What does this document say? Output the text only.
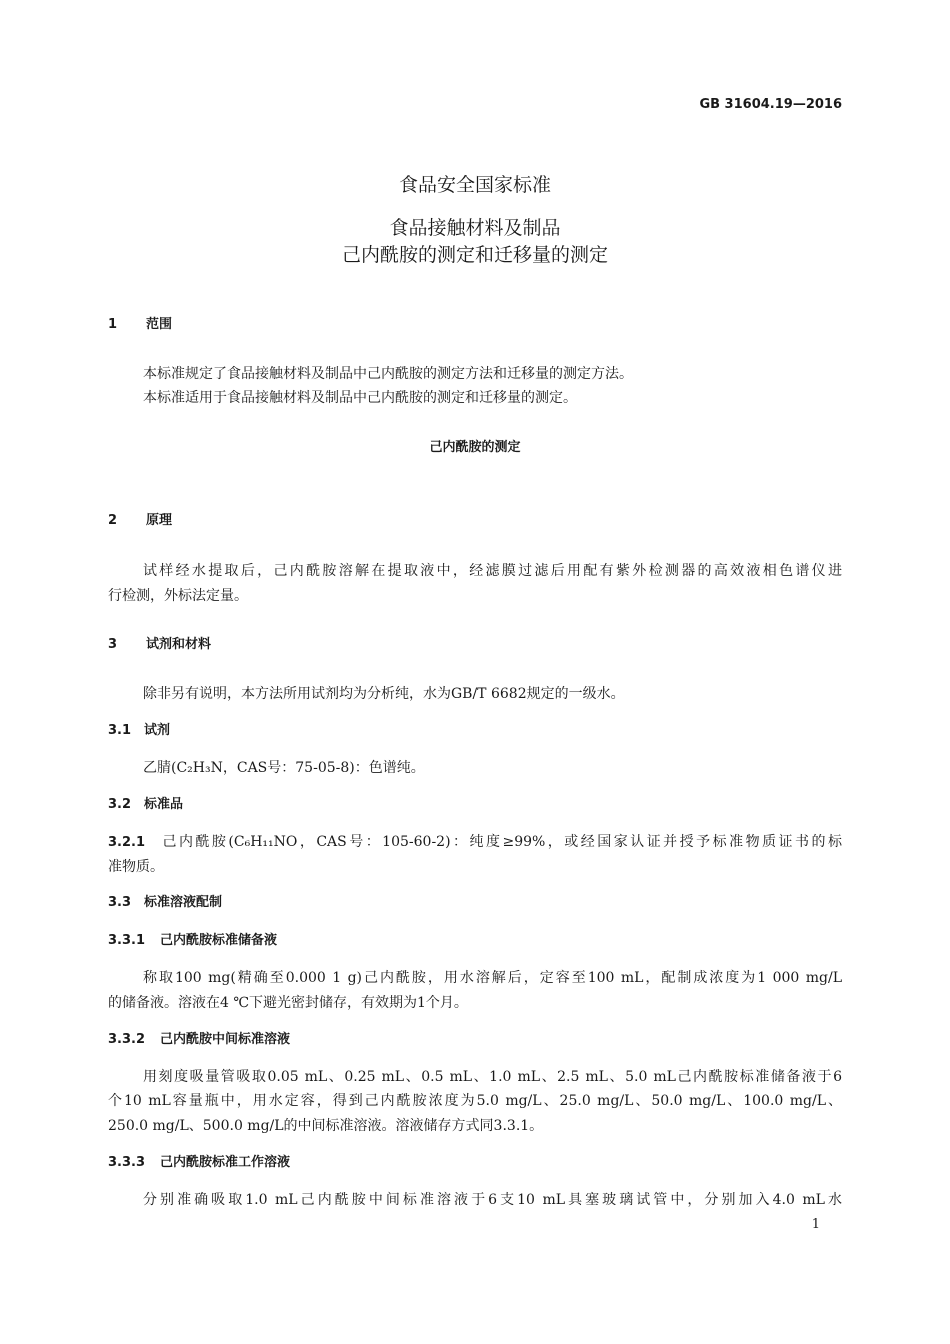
GB 31604.19—2016
食品安全国家标准
食品接触材料及制品
己内酰胺的测定和迁移量的测定
1 范围
本标准规定了食品接触材料及制品中己内酰胺的测定方法和迁移量的测定方法。
本标准适用于食品接触材料及制品中己内酰胺的测定和迁移量的测定。
己内酰胺的测定
2 原理
试样经水提取后，己内酰胺溶解在提取液中，经滤膜过滤后用配有紫外检测器的高效液相色谱仪进
行检测，外标法定量。
3 试剂和材料
除非另有说明，本方法所用试剂均为分析纯，水为GB/T 6682规定的一级水。
3.1 试剂
乙腈(C₂H₃N，CAS号：75-05-8)：色谱纯。
3.2 标准品
3.2.1 己内酰胺(C₆H₁₁NO，CAS号：105-60-2)：纯度≥99%，或经国家认证并授予标准物质证书的标
准物质。
3.3 标准溶液配制
3.3.1 己内酰胺标准储备液
称取100 mg(精确至0.000 1 g)己内酰胺，用水溶解后，定容至100 mL，配制成浓度为1 000 mg/L
的储备液。溶液在4 ℃下避光密封储存，有效期为1个月。
3.3.2 己内酰胺中间标准溶液
用刻度吸量管吸取0.05 mL、0.25 mL、0.5 mL、1.0 mL、2.5 mL、5.0 mL己内酰胺标准储备液于6
个10 mL容量瓶中，用水定容，得到己内酰胺浓度为5.0 mg/L、25.0 mg/L、50.0 mg/L、100.0 mg/L、
250.0 mg/L、500.0 mg/L的中间标准溶液。溶液储存方式同3.3.1。
3.3.3 己内酰胺标准工作溶液
分别准确吸取1.0 mL己内酰胺中间标准溶液于6支10 mL具塞玻璃试管中，分别加入4.0 mL水
1
